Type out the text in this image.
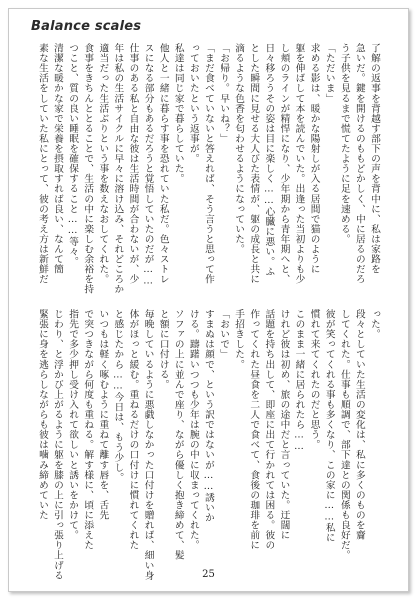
Balance scales

了解の返事を背越す部下の声を背中に、私は家路を

急いだ。鍵を開けるのももどかしく、中に居るのだろ

う子供を見るまで慌てたように足を速める。

「ただいま」

求める影は、暖かな陽射しが入る居間で猫のように

躯を伸ばして本を読んでいた。出逢った当初よりも少

し頬のラインが精悍になり、少年期から青年期へと、

日々移ろうその姿は目に楽しく……心臓に悪い。ふ

とした瞬間に見せる大人びた表情が、躯の成長と共に

滴るような色香を匂わせるようになっていた。

「お帰り。早いね？」

「まだ食べていないと答えれば、そう言うと思って作

っておいたという返事が。

私達は同じ家で暮らしていた。

他人と一緒に暮らす事を恐れていた私だ。色々ストレ

スになる部分もあるだろうと覚悟していたのだが……

仕事のある私と自由な彼は生活時間が合わないが、少

年は私の生活サイクルに早々に溶け込み、それどころか

適当だった生活ぶりという事を数えなおしてくれた。

食事をきちんととることで、生活の中に楽しむ余裕を持

つこと、質の良い睡眠を確保すること……等々。

清潔な暖かな家で栄養を摂取すれば良い、なんて簡

素な生活をしていた私にとって、彼の考え方は新鮮だ

った。

段々としていた生活の変化は、私に多くのものを齎

してくれた。仕事も順調で、部下達との関係も良好だ。

彼が笑ってくれる事も多くなり、この家に……私に

慣れて来てくれたのだと思う。

このまま一緒に居られたら……

けれど彼は初め、旅の途中だと言っていた。迂闊に

話題を持ち出して、即座に出て行かれては困る。彼の

作ってくれた昼食を二人で食べて、食後の珈琲を前に

手招きした。

「おいで」

すまぬは顔で、という訳ではないが……誘いか

ける。躊躇いつつも少年は腕の中に収まってくれた。

ソファの上に並んで座り、ながら優しく抱き締めて、髪

と額に口付ける。

毎晩しているように悪戯しなかった口付けを贈れば、細い身

体がほっと緩む。重ねるだけの口付けに慣れてくれた

と感じたから……今日は、もう少し。

いつもは軽く啄むように重ねて離す唇を、舌先

で突つきながら何度も重ねる。解す様に、頃に添えた

指先で多少押し受け入れて欲しいと誘いをかけて。

じわり、と浮かび上がるように躯を膝の上に引っ張り上げる

緊張に身を逃らしながらも彼は噛み締めていた

25
